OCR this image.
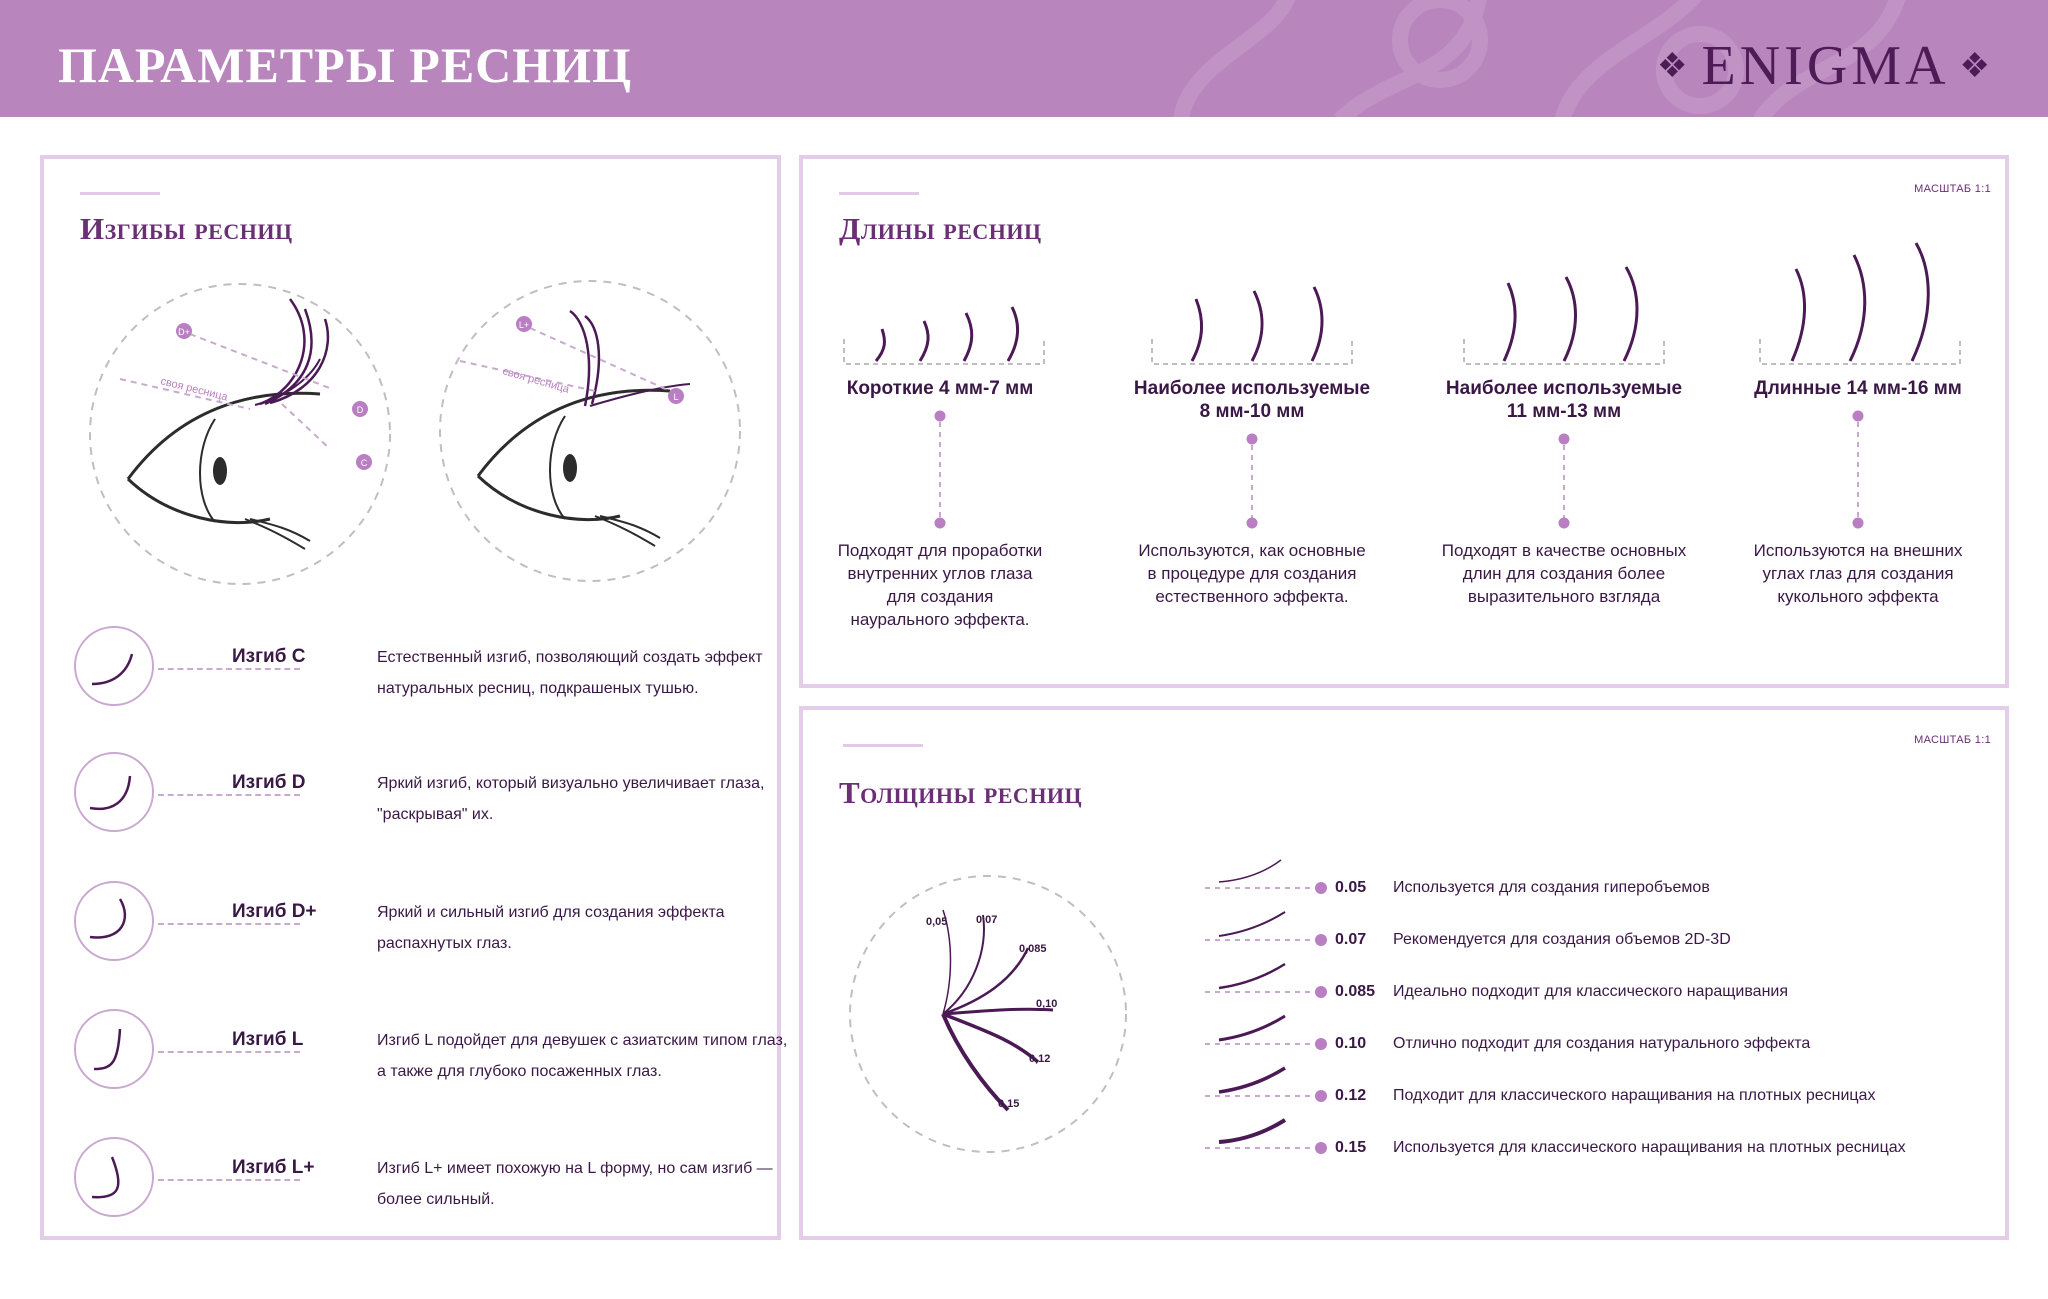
ПАРАМЕТРЫ РЕСНИЦ	❖ ENIGMA ❖
Изгибы ресниц
D+
D
C
своя ресница
L+
L
своя ресница
Изгиб C	Естественный изгиб, позволяющий создать эффект натуральных ресниц, подкрашеных тушью.
Изгиб D	Яркий изгиб, который визуально увеличивает глаза, "раскрывая" их.
Изгиб D+	Яркий и сильный изгиб для создания эффекта распахнутых глаз.
Изгиб L	Изгиб L подойдет для девушек с азиатским типом глаз, а также для глубоко посаженных глаз.
Изгиб L+	Изгиб L+ имеет похожую на L форму, но сам изгиб — более сильный.
МАСШТАБ 1:1
Длины ресниц
Короткие 4 мм-7 мм
Подходят для проработки
внутренних углов глаза
для создания
наурального эффекта.
Наиболее используемые
8 мм-10 мм
Используются, как основные
в процедуре для создания
естественного эффекта.
Наиболее используемые
11 мм-13 мм
Подходят в качестве основных
длин для создания более
выразительного взгляда
Длинные 14 мм-16 мм
Используются на внешних
углах глаз для создания
кукольного эффекта
МАСШТАБ 1:1
Толщины ресниц
0,05	0,07
0,085
0,10
0,12
0,15
0.05 Используется для создания гиперобъемов
0.07 Рекомендуется для создания объемов 2D-3D
0.085 Идеально подходит для классического наращивания
0.10 Отлично подходит для создания натурального эффекта
0.12 Подходит для классического наращивания на плотных ресницах
0.15 Используется для классического наращивания на плотных ресницах
